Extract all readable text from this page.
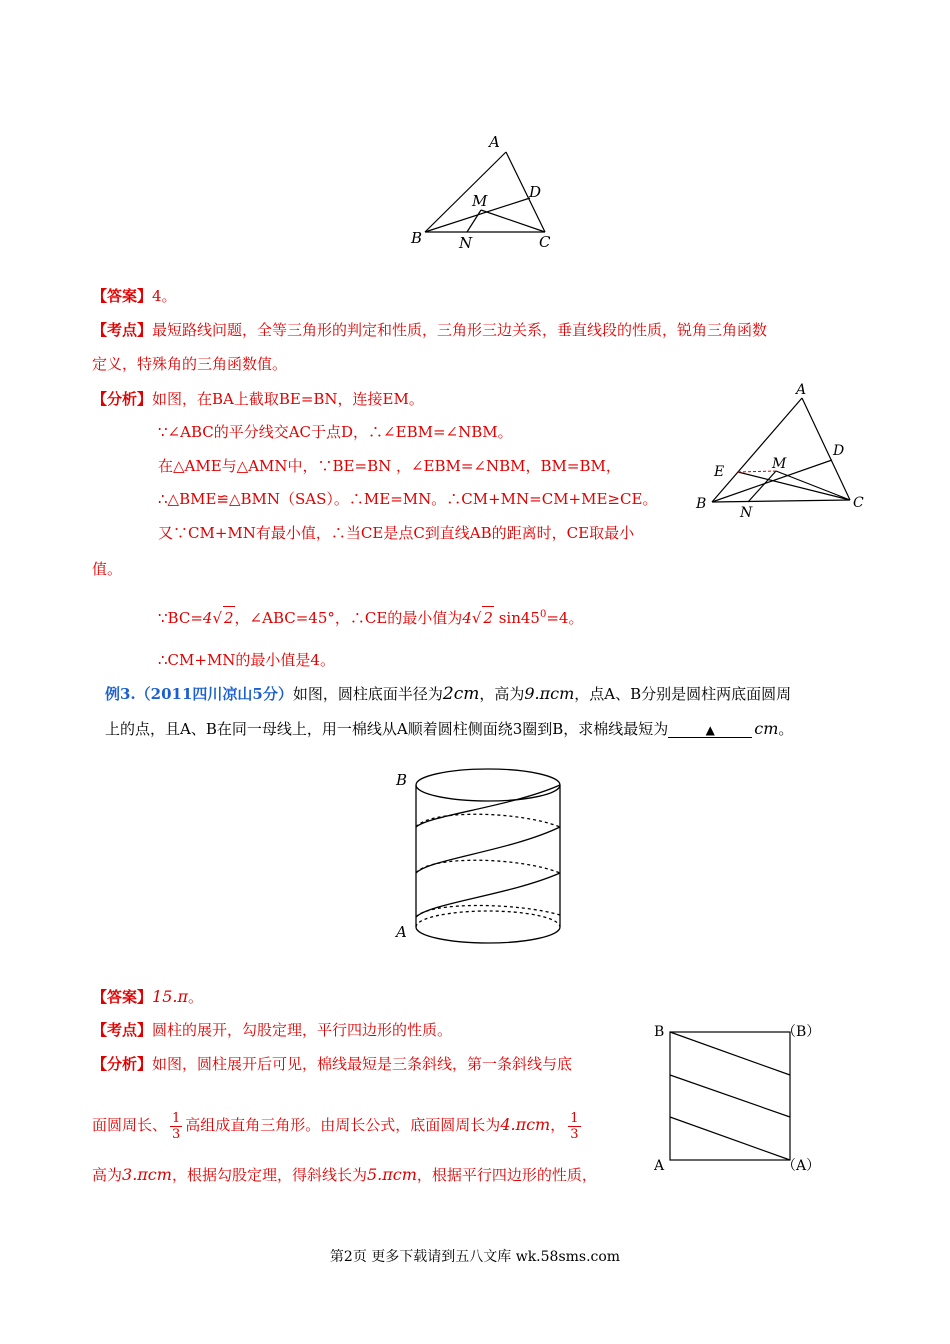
A
B	C
D
M
N
【答案】4。
【考点】最短路线问题，全等三角形的判定和性质，三角形三边关系，垂直线段的性质，锐角三角函数
定义，特殊角的三角函数值。
【分析】如图，在BA上截取BE=BN，连接EM。
∵∠ABC的平分线交AC于点D，∴∠EBM=∠NBM。
在△AME与△AMN中，∵BE=BN ，∠EBM=∠NBM，BM=BM，
∴△BME≌△BMN（SAS）。∴ME=MN。∴CM+MN=CM+ME≥CE。
又∵CM+MN有最小值，∴当CE是点C到直线AB的距离时，CE取最小
值。
∵BC=4√ 2，∠ABC=45°，∴CE的最小值为4√ 2 $\sin 45^0=4$。
∴CM+MN的最小值是4。
A
B	C
D
E	M
N
例3.（2011四川凉山5分）如图，圆柱底面半径为2cm，高为9.πcm，点A、B分别是圆柱两底面圆周
上的点，且A、B在同一母线上，用一棉线从A顺着圆柱侧面绕3圈到B，求棉线最短为	▲ cm。
B
A
【答案】15.π。
【考点】圆柱的展开，勾股定理，平行四边形的性质。
【分析】如图，圆柱展开后可见，棉线最短是三条斜线，第一条斜线与底
面圆周长、 $\frac{1}{3}$ 高组成直角三角形。由周长公式，底面圆周长为4.πcm， $\frac{1}{3}$
高为3.πcm，根据勾股定理，得斜线长为5.πcm，根据平行四边形的性质，
B	（B）
A	（A）
第2页 更多下载请到五八文库 wk.58sms.com
